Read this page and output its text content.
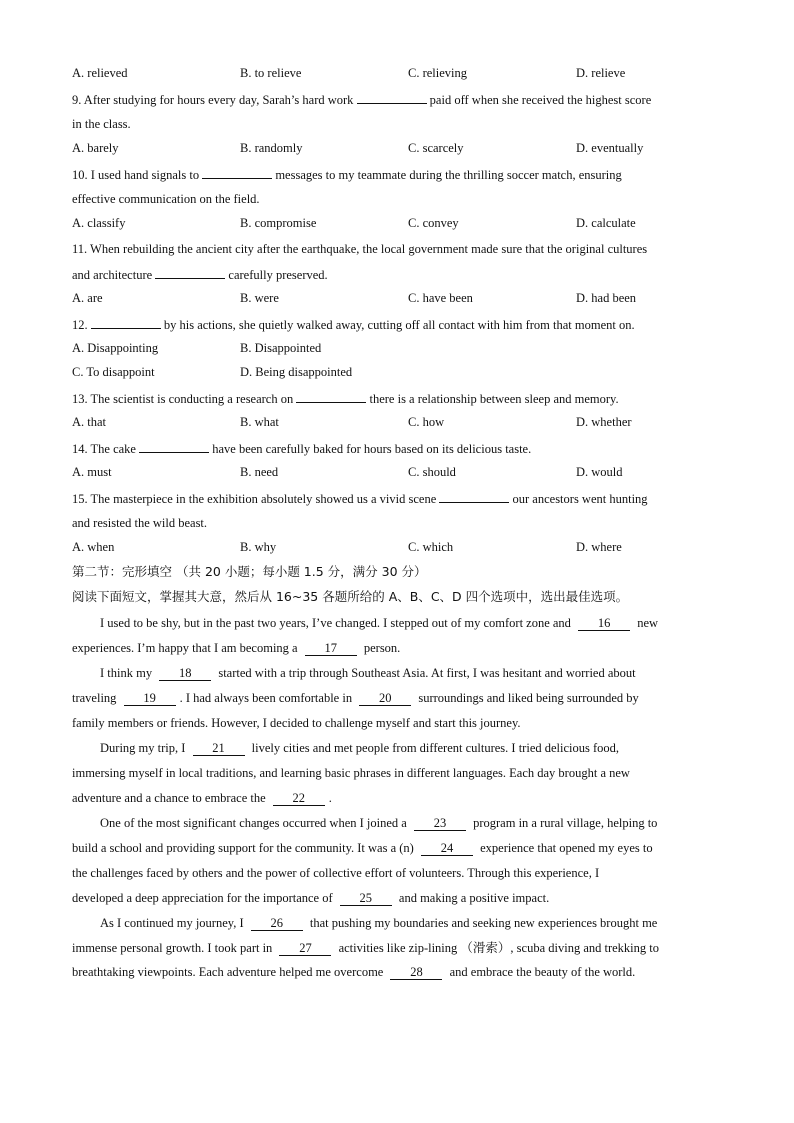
A. relieved	B. to relieve	C. relieving	D. relieve
9. After studying for hours every day, Sarah’s hard work	paid off when she received the highest score
in the class.
A. barely	B. randomly	C. scarcely	D. eventually
10. I used hand signals to	messages to my teammate during the thrilling soccer match, ensuring
effective communication on the field.
A. classify	B. compromise	C. convey	D. calculate
11. When rebuilding the ancient city after the earthquake, the local government made sure that the original cultures
and architecture	carefully preserved.
A. are	B. were	C. have been	D. had been
12.	by his actions, she quietly walked away, cutting off all contact with him from that moment on.
A. Disappointing	B. Disappointed
C. To disappoint	D. Being disappointed
13. The scientist is conducting a research on	there is a relationship between sleep and memory.
A. that	B. what	C. how	D. whether
14. The cake	have been carefully baked for hours based on its delicious taste.
A. must	B. need	C. should	D. would
15. The masterpiece in the exhibition absolutely showed us a vivid scene	our ancestors went hunting
and resisted the wild beast.
A. when	B. why	C. which	D. where
第二节：完形填空 （共 20 小题；每小题 1.5 分，满分 30 分）
阅读下面短文，掌握其大意，然后从 16~35 各题所给的 A、B、C、D 四个选项中，选出最佳选项。
I used to be shy, but in the past two years, I’ve changed. I stepped out of my comfort zone and 16 new
experiences. I’m happy that I am becoming a 17 person.
I think my 18 started with a trip through Southeast Asia. At first, I was hesitant and worried about
traveling 19 . I had always been comfortable in 20 surroundings and liked being surrounded by
family members or friends. However, I decided to challenge myself and start this journey.
During my trip, I 21 lively cities and met people from different cultures. I tried delicious food,
immersing myself in local traditions, and learning basic phrases in different languages. Each day brought a new
adventure and a chance to embrace the 22 .
One of the most significant changes occurred when I joined a 23 program in a rural village, helping to
build a school and providing support for the community. It was a (n) 24 experience that opened my eyes to
the challenges faced by others and the power of collective effort of volunteers. Through this experience, I
developed a deep appreciation for the importance of 25 and making a positive impact.
As I continued my journey, I 26 that pushing my boundaries and seeking new experiences brought me
immense personal growth. I took part in 27 activities like zip-lining （滑索）, scuba diving and trekking to
breathtaking viewpoints. Each adventure helped me overcome 28 and embrace the beauty of the world.
